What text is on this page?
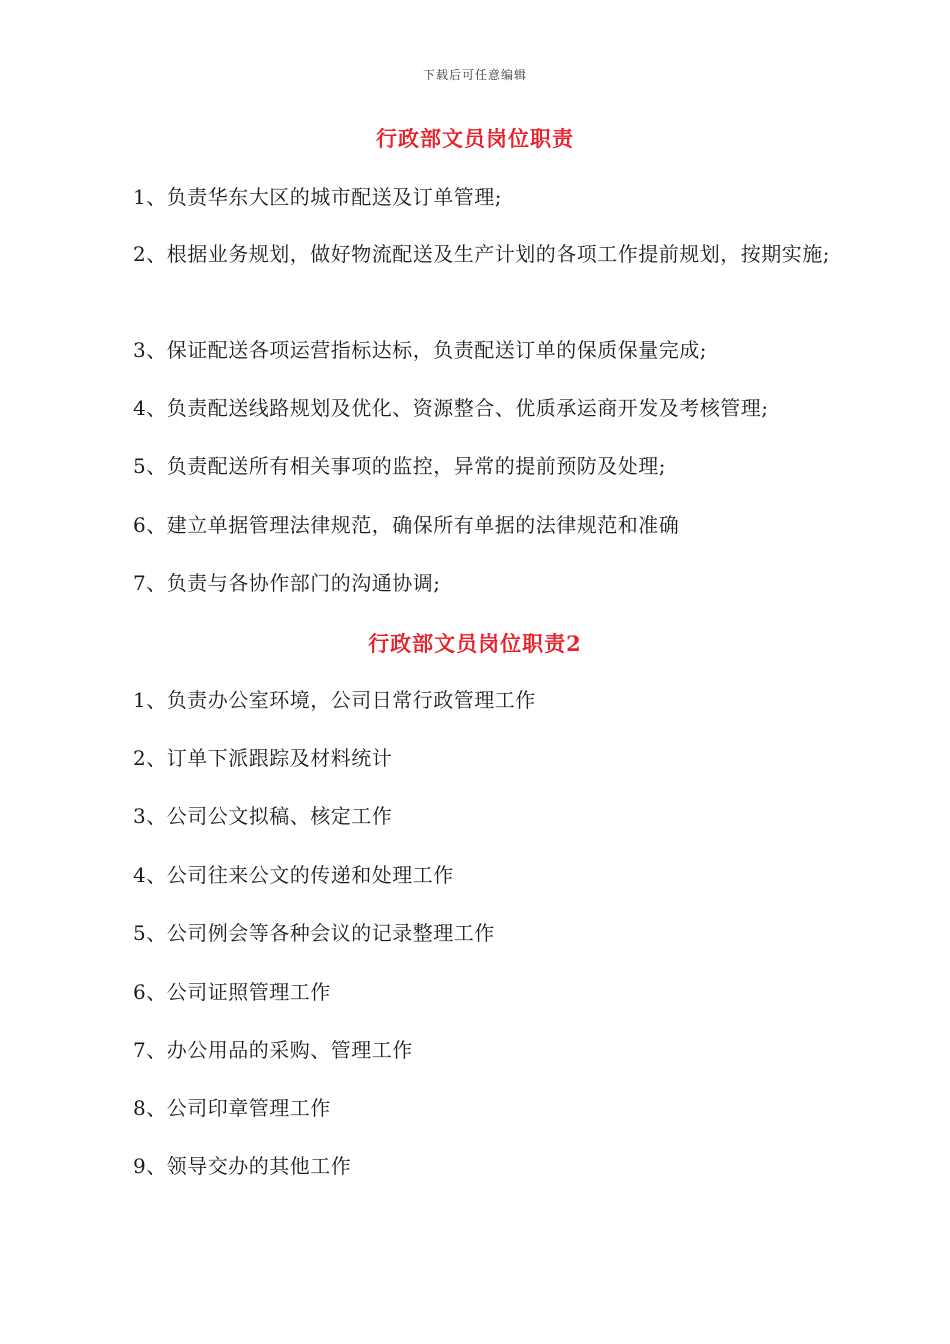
下载后可任意编辑
行政部文员岗位职责
1、负责华东大区的城市配送及订单管理;
2、根据业务规划，做好物流配送及生产计划的各项工作提前规划，按期实施;
3、保证配送各项运营指标达标，负责配送订单的保质保量完成;
4、负责配送线路规划及优化、资源整合、优质承运商开发及考核管理;
5、负责配送所有相关事项的监控，异常的提前预防及处理;
6、建立单据管理法律规范，确保所有单据的法律规范和准确
7、负责与各协作部门的沟通协调;
行政部文员岗位职责2
1、负责办公室环境，公司日常行政管理工作
2、订单下派跟踪及材料统计
3、公司公文拟稿、核定工作
4、公司往来公文的传递和处理工作
5、公司例会等各种会议的记录整理工作
6、公司证照管理工作
7、办公用品的采购、管理工作
8、公司印章管理工作
9、领导交办的其他工作
